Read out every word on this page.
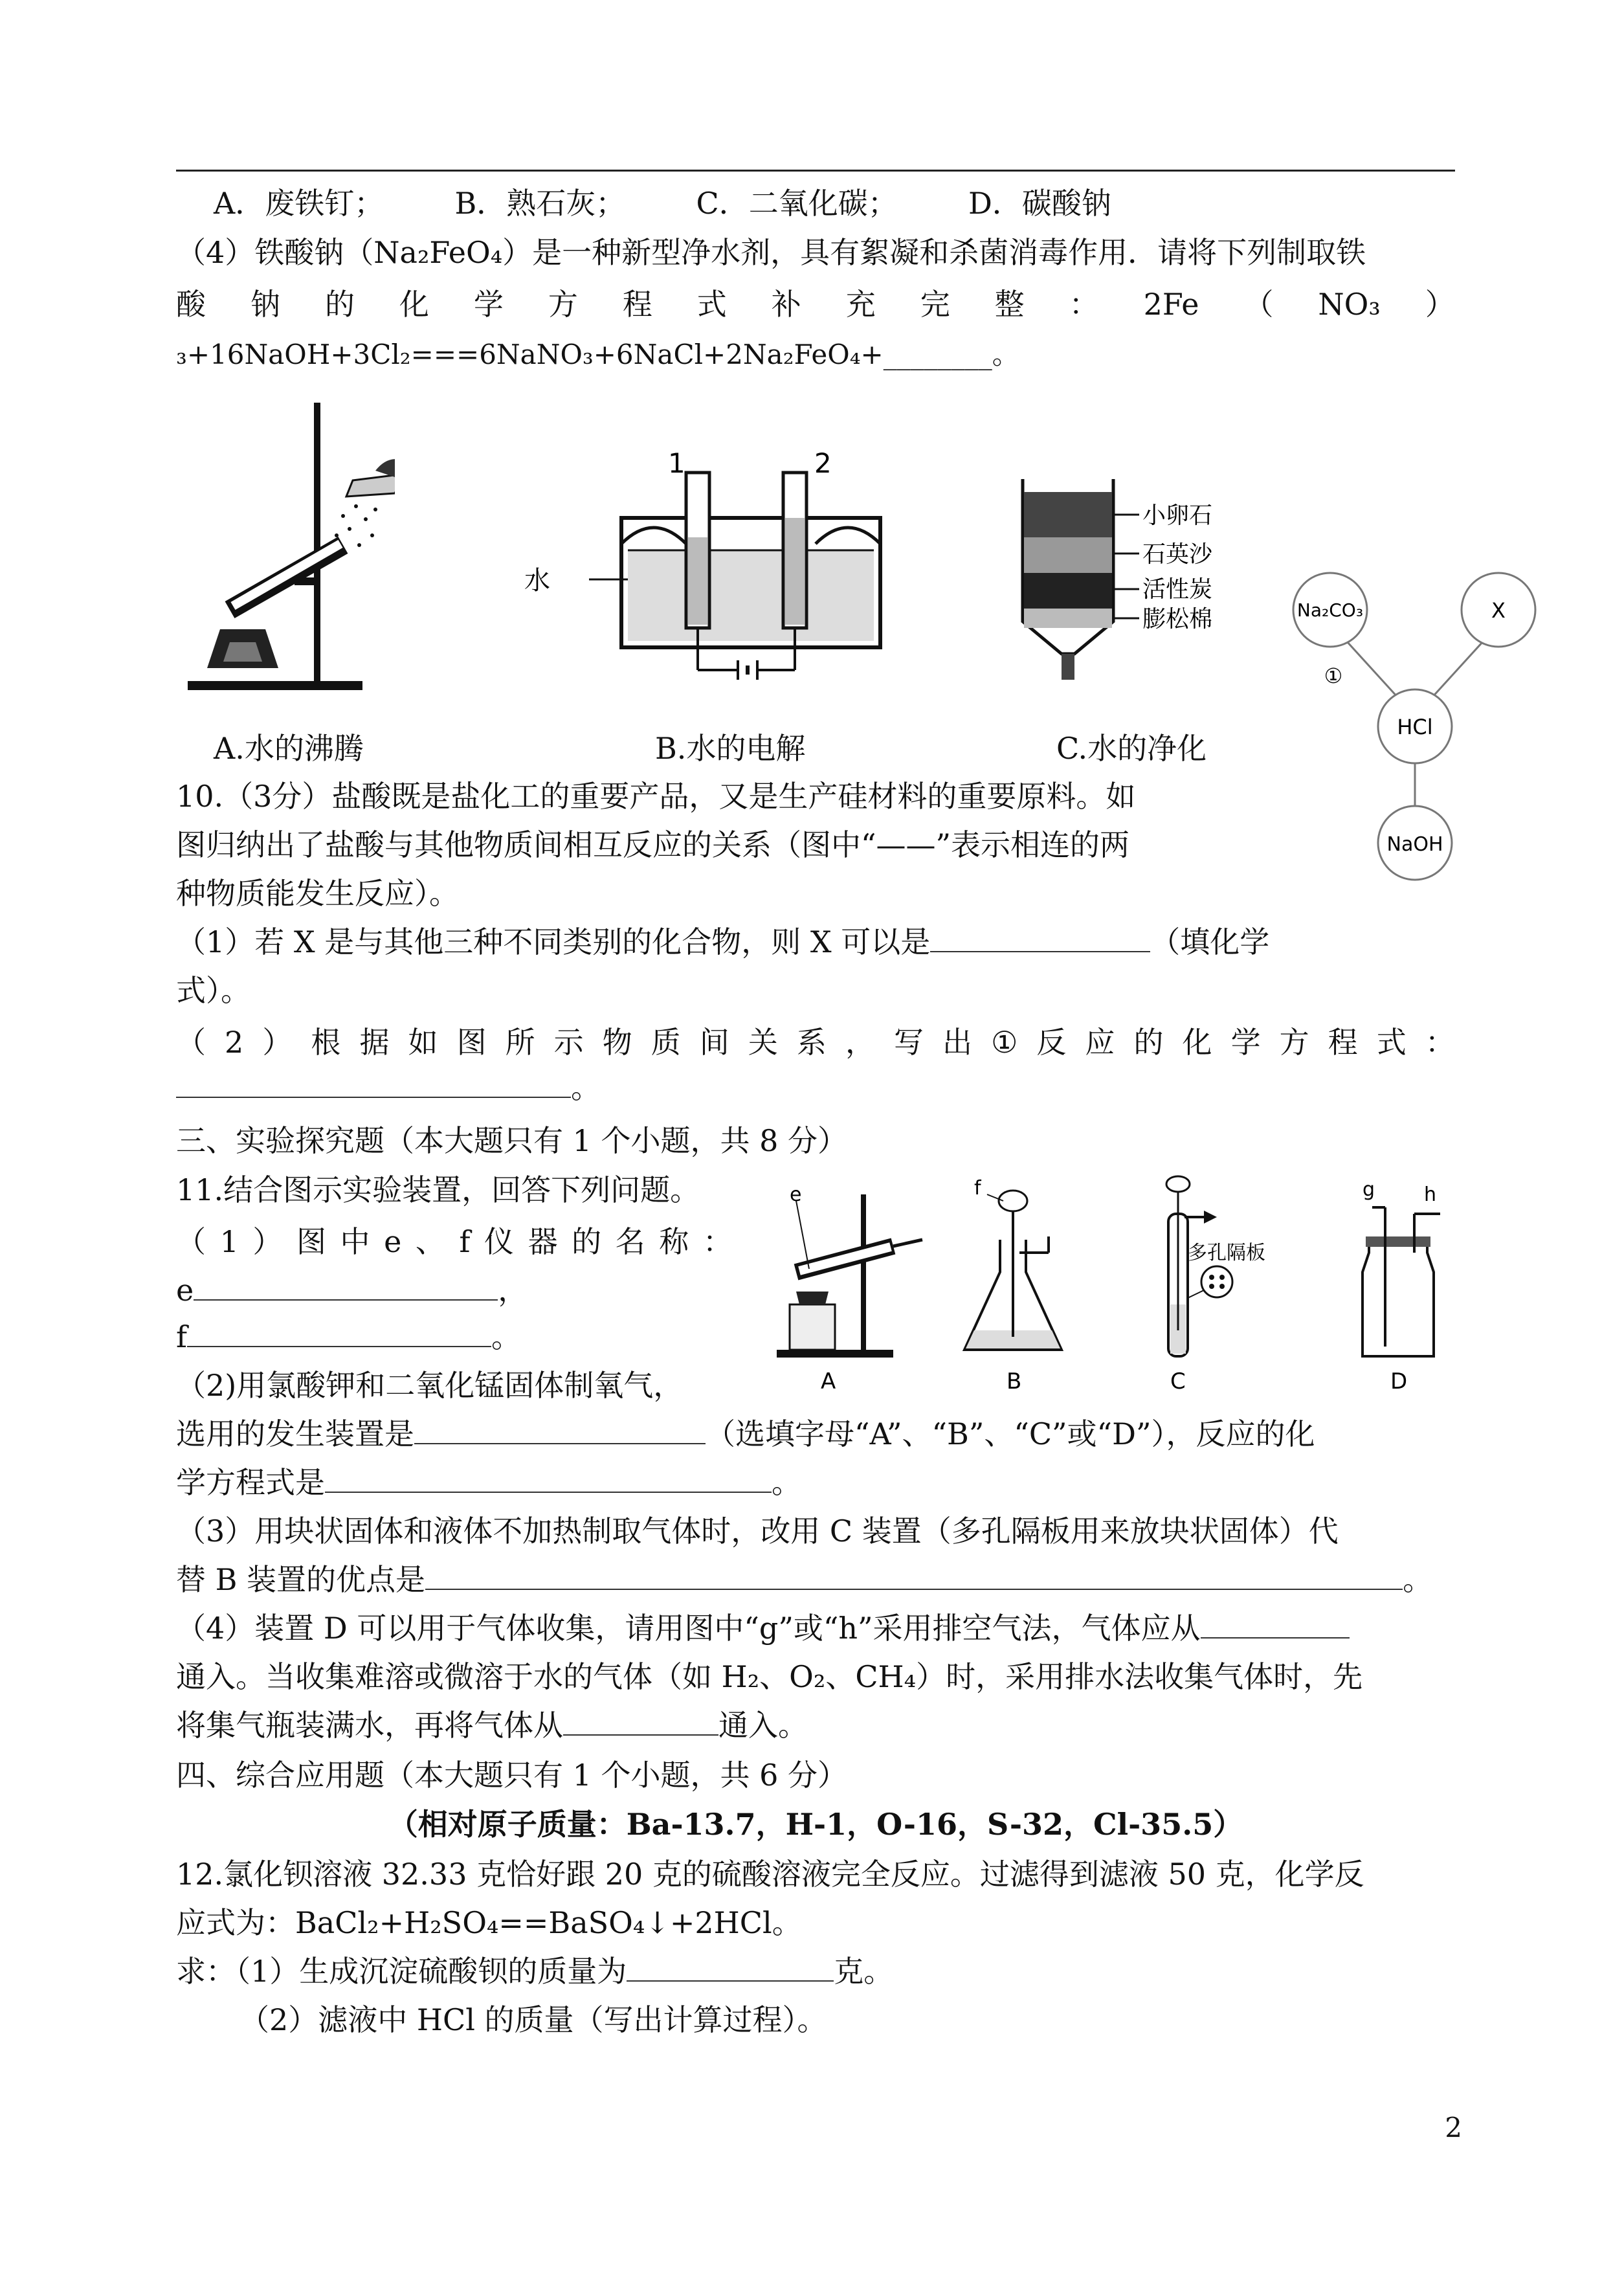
A．废铁钉； B．熟石灰； C．二氧化碳； D．碳酸钠
（4）铁酸钠（Na₂FeO₄）是一种新型净水剂，具有絮凝和杀菌消毒作用．请将下列制取铁
酸 钠 的 化 学 方 程 式 补 充 完 整 ： 2Fe （ NO₃ ）
₃+16NaOH+3Cl₂===6NaNO₃+6NaCl+2Na₂FeO₄+________。
A.水的沸腾
1	2
水
B.水的电解
小卵石
石英沙
活性炭
膨松棉
C.水的净化
Na₂CO₃	X
HCl
NaOH
①
10.（3分）盐酸既是盐化工的重要产品，又是生产硅材料的重要原料。如
图归纳出了盐酸与其他物质间相互反应的关系（图中“——”表示相连的两
种物质能发生反应）。
（1）若 X 是与其他三种不同类别的化合物，则 X 可以是	（填化学
式）。
（ 2 ） 根 据 如 图 所 示 物 质 间 关 系 ， 写 出 ① 反 应 的 化 学 方 程 式 ：
。
三、实验探究题（本大题只有 1 个小题，共 8 分）
11.结合图示实验装置，回答下列问题。
（ 1 ） 图 中 e 、 f 仪 器 的 名 称 ：
e	，
f	。
（2)用氯酸钾和二氧化锰固体制氧气，
选用的发生装置是	（选填字母“A”、“B”、“C”或“D”），反应的化
学方程式是	。
（3）用块状固体和液体不加热制取气体时，改用 C 装置（多孔隔板用来放块状固体）代
替 B 装置的优点是	。
（4）装置 D 可以用于气体收集，请用图中“g”或“h”采用排空气法，气体应从
通入。当收集难溶或微溶于水的气体（如 H₂、O₂、CH₄）时，采用排水法收集气体时，先
将集气瓶装满水，再将气体从	通入。
e
A
f
B
多孔隔板
C
g	h
D
四、综合应用题（本大题只有 1 个小题，共 6 分）
（相对原子质量：Ba-13.7，H-1，O-16，S-32，Cl-35.5）
12.氯化钡溶液 32.33 克恰好跟 20 克的硫酸溶液完全反应。过滤得到滤液 50 克，化学反
应式为：BaCl₂+H₂SO₄==BaSO₄↓+2HCl。
求：（1）生成沉淀硫酸钡的质量为	克。
（2）滤液中 HCl 的质量（写出计算过程）。
2
